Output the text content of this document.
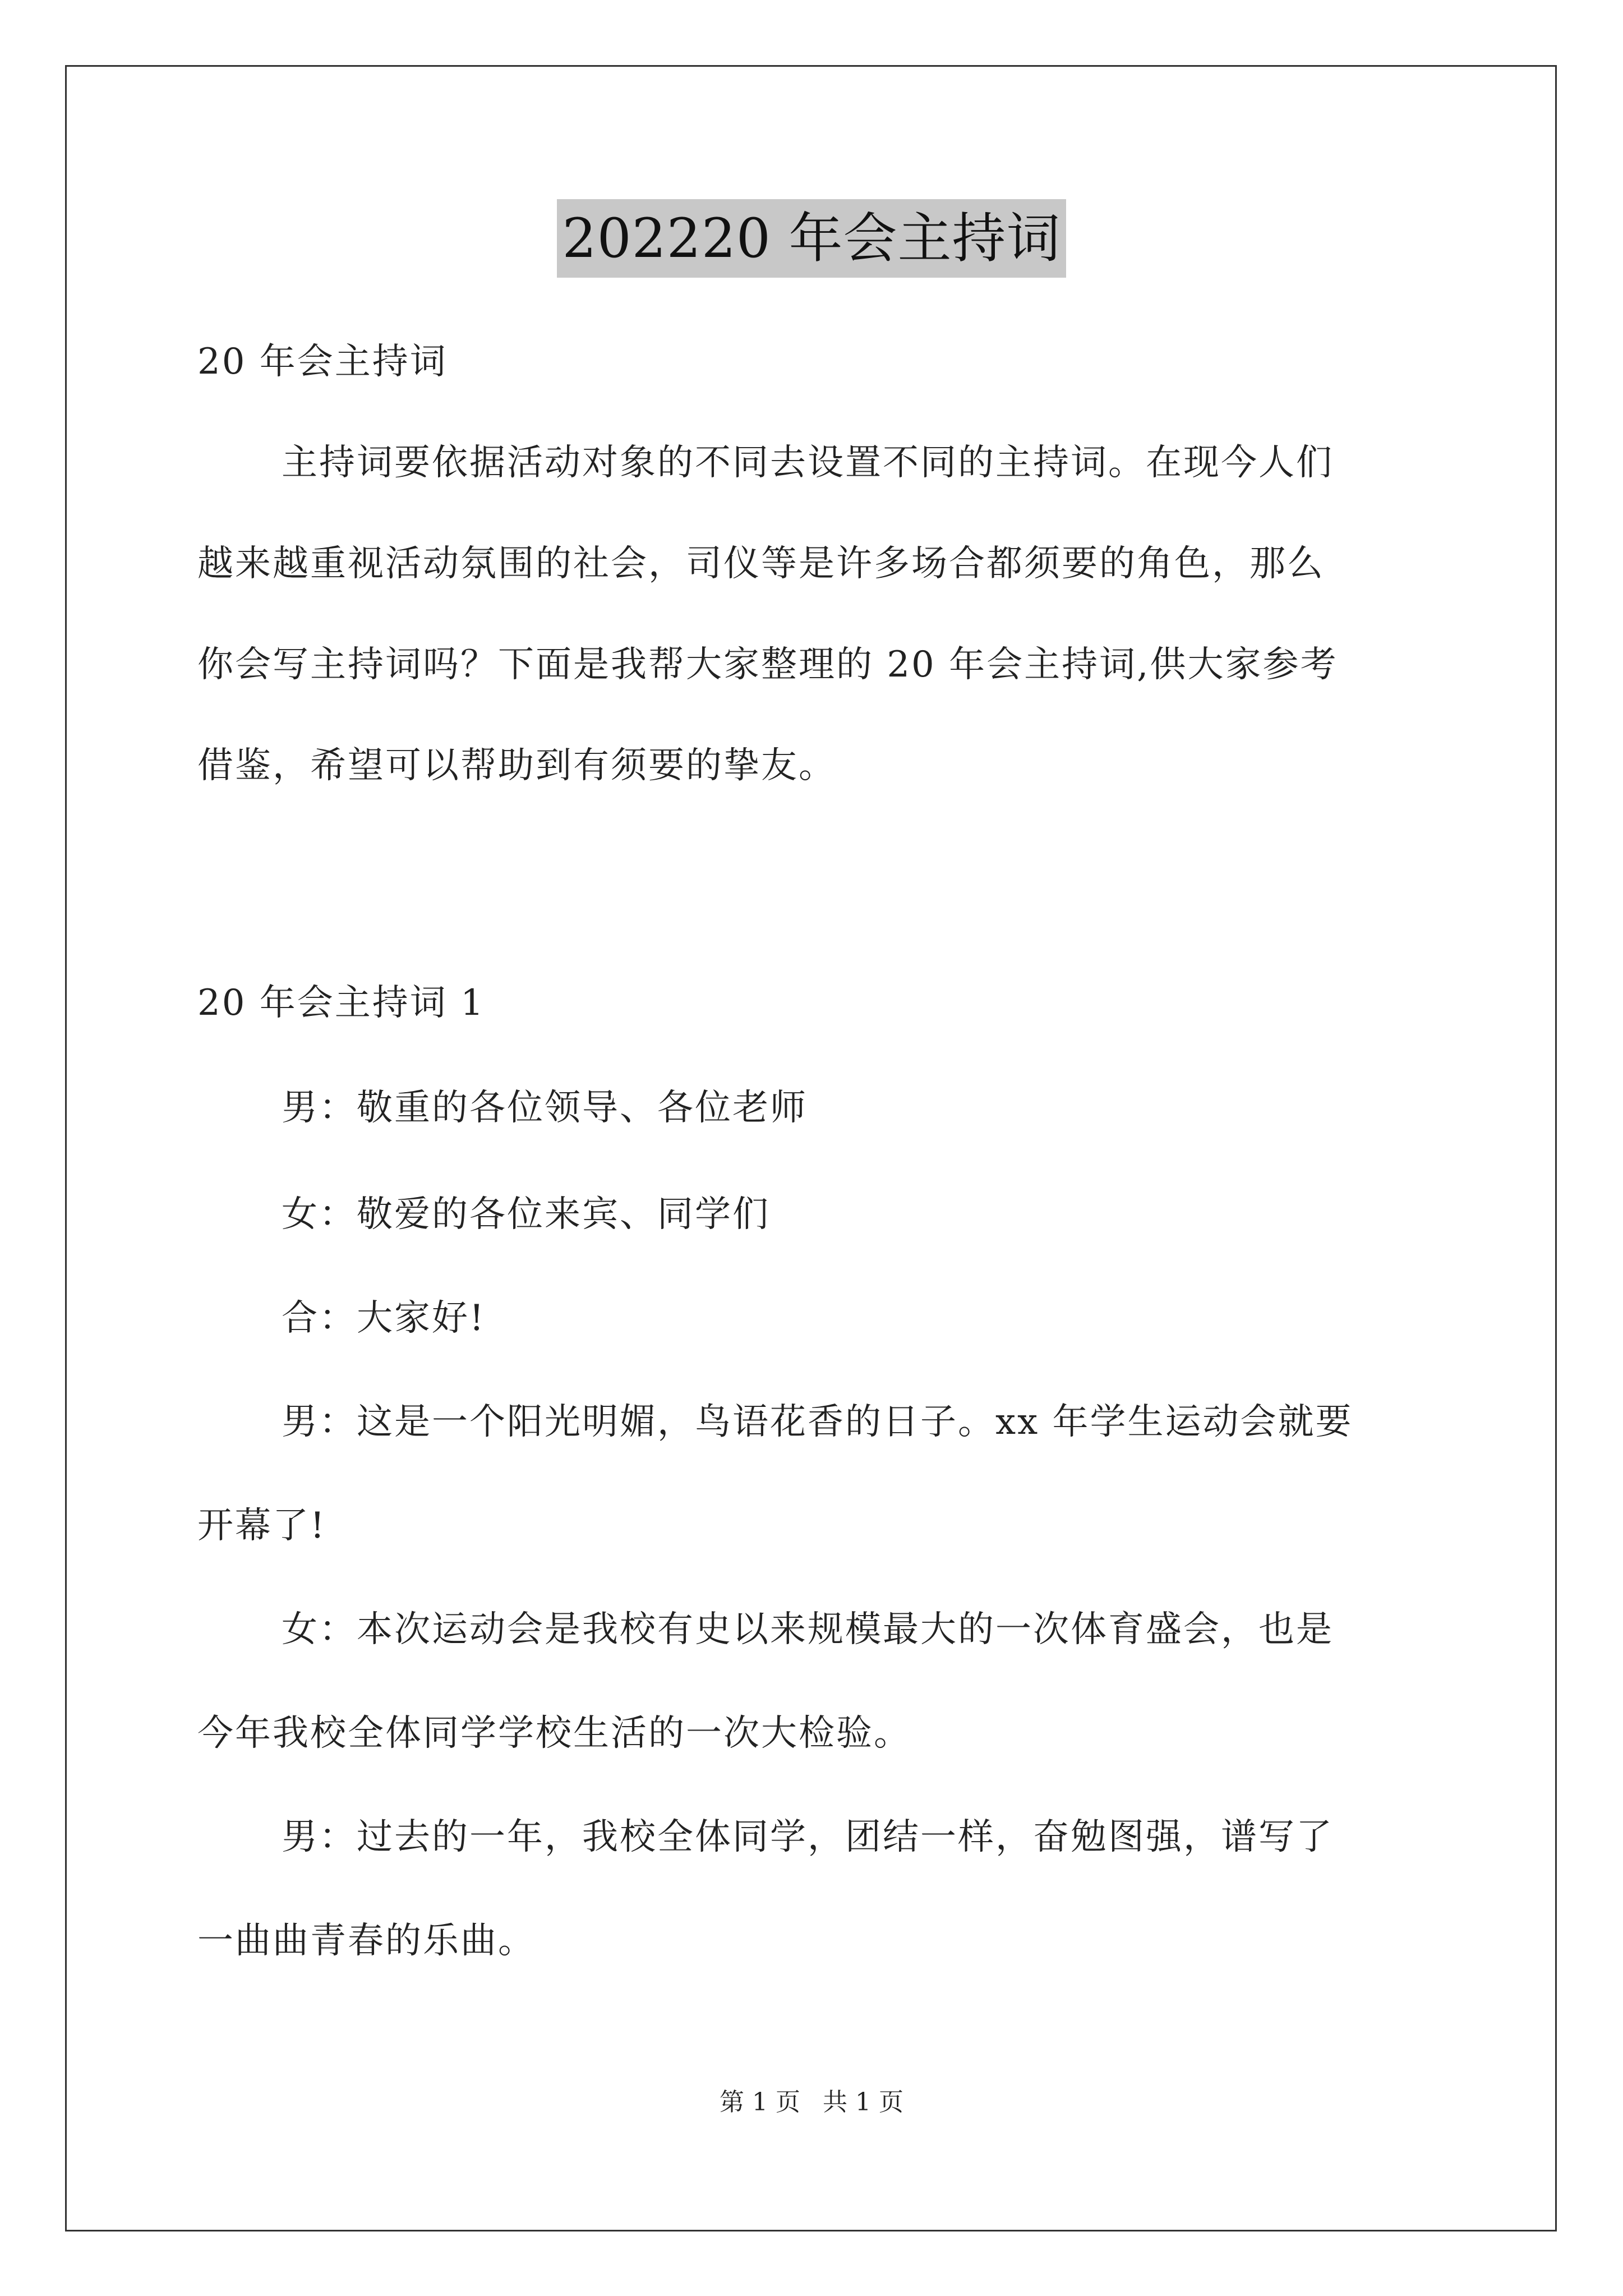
202220 年会主持词
20 年会主持词
主持词要依据活动对象的不同去设置不同的主持词。在现今人们
越来越重视活动氛围的社会，司仪等是许多场合都须要的角色，那么
你会写主持词吗？下面是我帮大家整理的 20 年会主持词,供大家参考
借鉴，希望可以帮助到有须要的挚友。
20 年会主持词 1
男：敬重的各位领导、各位老师
女：敬爱的各位来宾、同学们
合：大家好!
男：这是一个阳光明媚，鸟语花香的日子。xx 年学生运动会就要
开幕了!
女：本次运动会是我校有史以来规模最大的一次体育盛会，也是
今年我校全体同学学校生活的一次大检验。
男：过去的一年，我校全体同学，团结一样，奋勉图强，谱写了
一曲曲青春的乐曲。
第 1 页 共 1 页
